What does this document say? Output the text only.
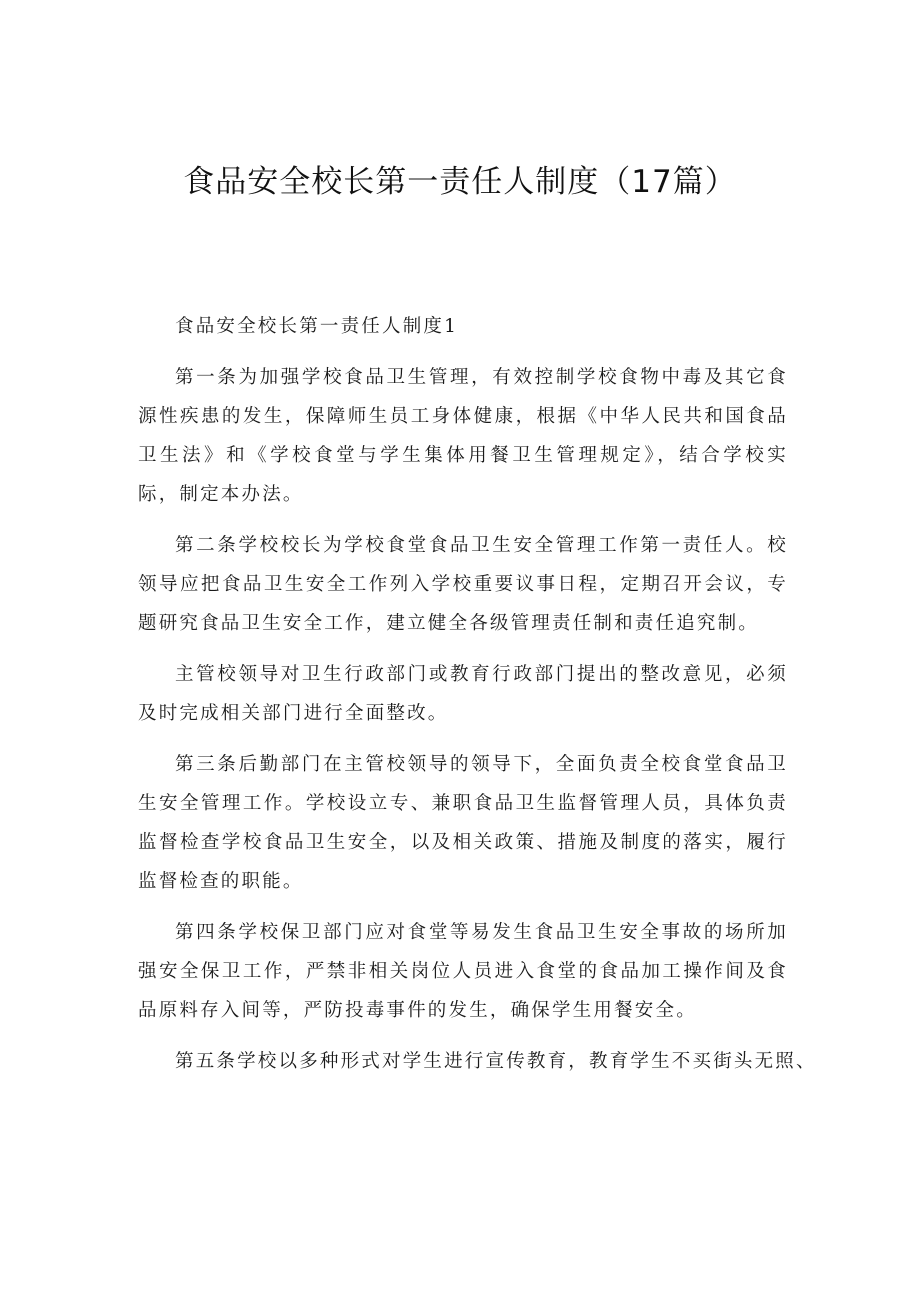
食品安全校长第一责任人制度（17篇）

食品安全校长第一责任人制度1

第一条为加强学校食品卫生管理，有效控制学校食物中毒及其它食源性疾患的发生，保障师生员工身体健康，根据《中华人民共和国食品卫生法》和《学校食堂与学生集体用餐卫生管理规定》，结合学校实际，制定本办法。

第二条学校校长为学校食堂食品卫生安全管理工作第一责任人。校领导应把食品卫生安全工作列入学校重要议事日程，定期召开会议，专题研究食品卫生安全工作，建立健全各级管理责任制和责任追究制。

主管校领导对卫生行政部门或教育行政部门提出的整改意见，必须及时完成相关部门进行全面整改。

第三条后勤部门在主管校领导的领导下，全面负责全校食堂食品卫生安全管理工作。学校设立专、兼职食品卫生监督管理人员，具体负责监督检查学校食品卫生安全，以及相关政策、措施及制度的落实，履行监督检查的职能。

第四条学校保卫部门应对食堂等易发生食品卫生安全事故的场所加强安全保卫工作，严禁非相关岗位人员进入食堂的食品加工操作间及食品原料存入间等，严防投毒事件的发生，确保学生用餐安全。

第五条学校以多种形式对学生进行宣传教育，教育学生不买街头无照、
